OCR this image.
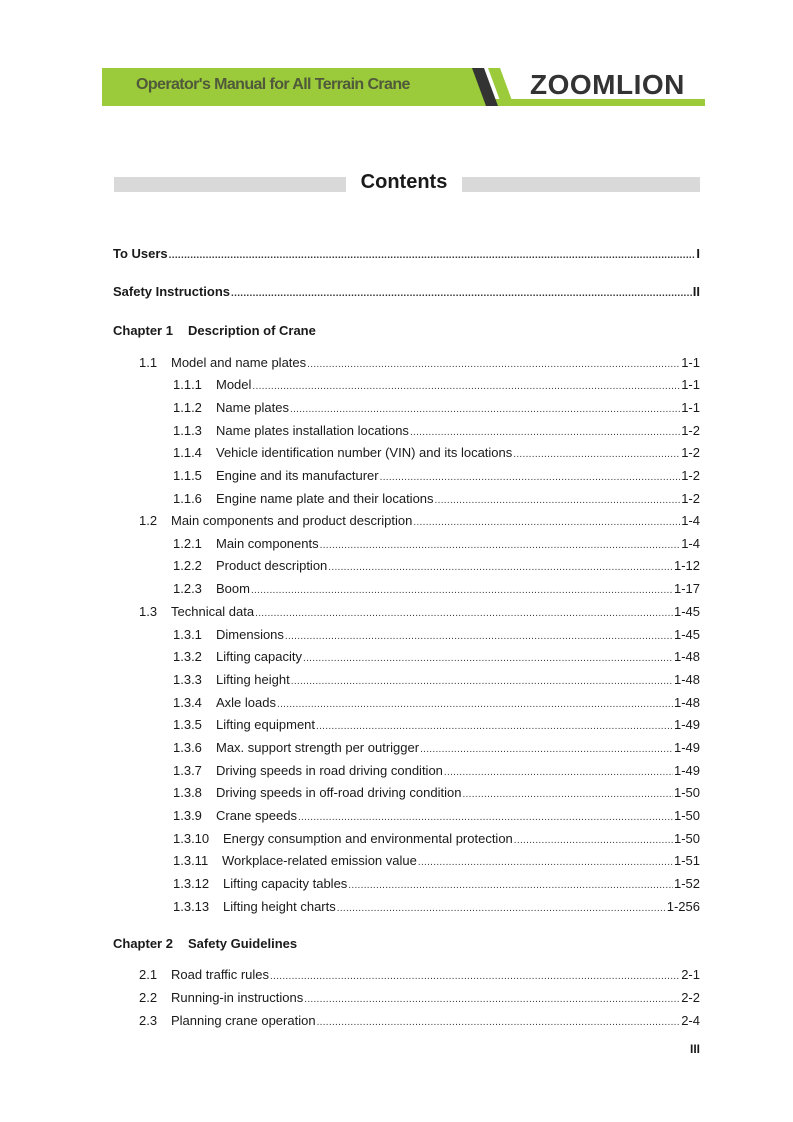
Operator's Manual for All Terrain Crane	ZOOMLION
Contents
To Users .....	I
Safety Instructions .....	II
Chapter 1 Description of Crane
1.1	Model and name plates .....	1-1
1.1.1	Model .....	1-1
1.1.2	Name plates .....	1-1
1.1.3	Name plates installation locations .....	1-2
1.1.4	Vehicle identification number (VIN) and its locations .....	1-2
1.1.5	Engine and its manufacturer .....	1-2
1.1.6	Engine name plate and their locations .....	1-2
1.2	Main components and product description .....	1-4
1.2.1	Main components .....	1-4
1.2.2	Product description .....	1-12
1.2.3	Boom .....	1-17
1.3	Technical data .....	1-45
1.3.1	Dimensions .....	1-45
1.3.2	Lifting capacity .....	1-48
1.3.3	Lifting height .....	1-48
1.3.4	Axle loads .....	1-48
1.3.5	Lifting equipment .....	1-49
1.3.6	Max. support strength per outrigger .....	1-49
1.3.7	Driving speeds in road driving condition .....	1-49
1.3.8	Driving speeds in off-road driving condition .....	1-50
1.3.9	Crane speeds .....	1-50
1.3.10	Energy consumption and environmental protection .....	1-50
1.3.11	Workplace-related emission value .....	1-51
1.3.12	Lifting capacity tables .....	1-52
1.3.13	Lifting height charts .....	1-256
Chapter 2 Safety Guidelines
2.1	Road traffic rules .....	2-1
2.2	Running-in instructions .....	2-2
2.3	Planning crane operation .....	2-4
III
